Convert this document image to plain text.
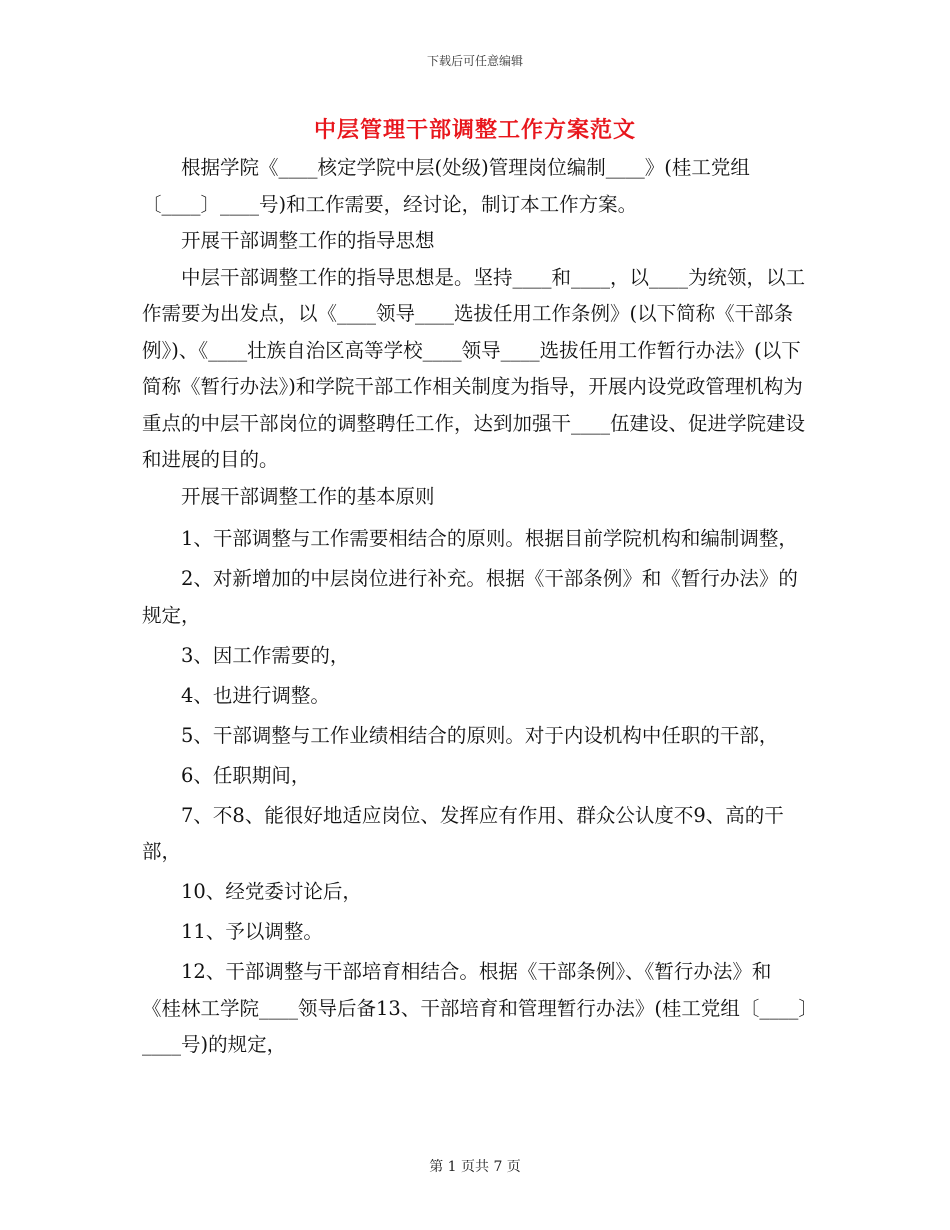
下载后可任意编辑
中层管理干部调整工作方案范文

根据学院《____核定学院中层(处级)管理岗位编制____》(桂工党组〔____〕____号)和工作需要，经讨论，制订本工作方案。

开展干部调整工作的指导思想

中层干部调整工作的指导思想是。坚持____和____，以____为统领，以工作需要为出发点，以《____领导____选拔任用工作条例》(以下简称《干部条例》)、《____壮族自治区高等学校____领导____选拔任用工作暂行办法》(以下简称《暂行办法》)和学院干部工作相关制度为指导，开展内设党政管理机构为重点的中层干部岗位的调整聘任工作，达到加强干____伍建设、促进学院建设和进展的目的。

开展干部调整工作的基本原则

1、干部调整与工作需要相结合的原则。根据目前学院机构和编制调整，

2、对新增加的中层岗位进行补充。根据《干部条例》和《暂行办法》的规定，

3、因工作需要的，

4、也进行调整。

5、干部调整与工作业绩相结合的原则。对于内设机构中任职的干部，

6、任职期间，

7、不8、能很好地适应岗位、发挥应有作用、群众公认度不9、高的干部，

10、经党委讨论后，

11、予以调整。

12、干部调整与干部培育相结合。根据《干部条例》、《暂行办法》和《桂林工学院____领导后备13、干部培育和管理暂行办法》(桂工党组〔____〕____号)的规定，

第 1 页共 7 页
